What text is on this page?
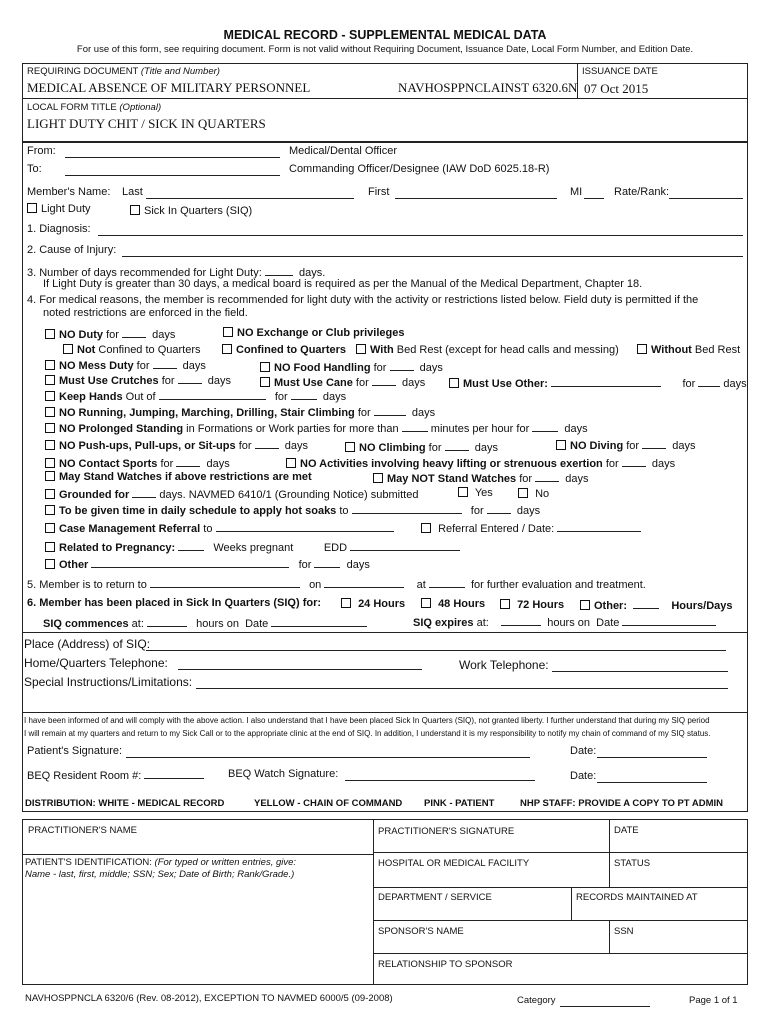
MEDICAL RECORD - SUPPLEMENTAL MEDICAL DATA
For use of this form, see requiring document. Form is not valid without Requiring Document, Issuance Date, Local Form Number, and Edition Date.
REQUIRING DOCUMENT (Title and Number)
MEDICAL ABSENCE OF MILITARY PERSONNEL	NAVHOSPPNCLAINST 6320.6N
ISSUANCE DATE
07 Oct 2015
LOCAL FORM TITLE (Optional)
LIGHT DUTY CHIT / SICK IN QUARTERS
From:	Medical/Dental Officer
To:	Commanding Officer/Designee (IAW DoD 6025.18-R)
Member's Name: Last	First	MI	Rate/Rank:
Light Duty	Sick In Quarters (SIQ)
1. Diagnosis:
2. Cause of Injury:
3. Number of days recommended for Light Duty:	days.
If Light Duty is greater than 30 days, a medical board is required as per the Manual of the Medical Department, Chapter 18.
4. For medical reasons, the member is recommended for light duty with the activity or restrictions listed below. Field duty is permitted if the
noted restrictions are enforced in the field.
NO Duty for	days	NO Exchange or Club privileges
Not Confined to Quarters	Confined to Quarters	With Bed Rest (except for head calls and messing)	Without Bed Rest
NO Mess Duty for	days	NO Food Handling for	days
Must Use Crutches for	days	Must Use Cane for	days	Must Use Other:	for	days
Keep Hands Out of	for	days
NO Running, Jumping, Marching, Drilling, Stair Climbing for	days
NO Prolonged Standing in Formations or Work parties for more than	minutes per hour for	days
NO Push-ups, Pull-ups, or Sit-ups for	days	NO Climbing for	days	NO Diving for	days
NO Contact Sports for	days	NO Activities involving heavy lifting or strenuous exertion for	days
May Stand Watches if above restrictions are met	May NOT Stand Watches for	days
Grounded for	days. NAVMED 6410/1 (Grounding Notice) submitted	Yes	No
To be given time in daily schedule to apply hot soaks to	for	days
Case Management Referral to	Referral Entered / Date:
Related to Pregnancy:	Weeks pregnant	EDD
Other	for	days
5. Member is to return to	on	at	for further evaluation and treatment.
6. Member has been placed in Sick In Quarters (SIQ) for:	24 Hours	48 Hours	72 Hours	Other:	Hours/Days
SIQ commences at:	hours on Date	SIQ expires at:	hours on Date
Place (Address) of SIQ:
Home/Quarters Telephone:	Work Telephone:
Special Instructions/Limitations:
I have been informed of and will comply with the above action. I also understand that I have been placed Sick In Quarters (SIQ), not granted liberty. I further understand that during my SIQ period
I will remain at my quarters and return to my Sick Call or to the appropriate clinic at the end of SIQ. In addition, I understand it is my responsibility to notify my chain of command of my SIQ status.
Patient's Signature:	Date:
BEQ Resident Room #:	BEQ Watch Signature:	Date:
DISTRIBUTION: WHITE - MEDICAL RECORD	YELLOW - CHAIN OF COMMAND PINK - PATIENT	NHP STAFF: PROVIDE A COPY TO PT ADMIN
PRACTITIONER'S NAME	PRACTITIONER'S SIGNATURE	DATE
PATIENT'S IDENTIFICATION: (For typed or written entries, give:
Name - last, first, middle; SSN; Sex; Date of Birth; Rank/Grade.)
HOSPITAL OR MEDICAL FACILITY	STATUS
DEPARTMENT / SERVICE	RECORDS MAINTAINED AT
SPONSOR'S NAME	SSN
RELATIONSHIP TO SPONSOR
NAVHOSPPNCLA 6320/6 (Rev. 08-2012), EXCEPTION TO NAVMED 6000/5 (09-2008)	Category	Page 1 of 1
